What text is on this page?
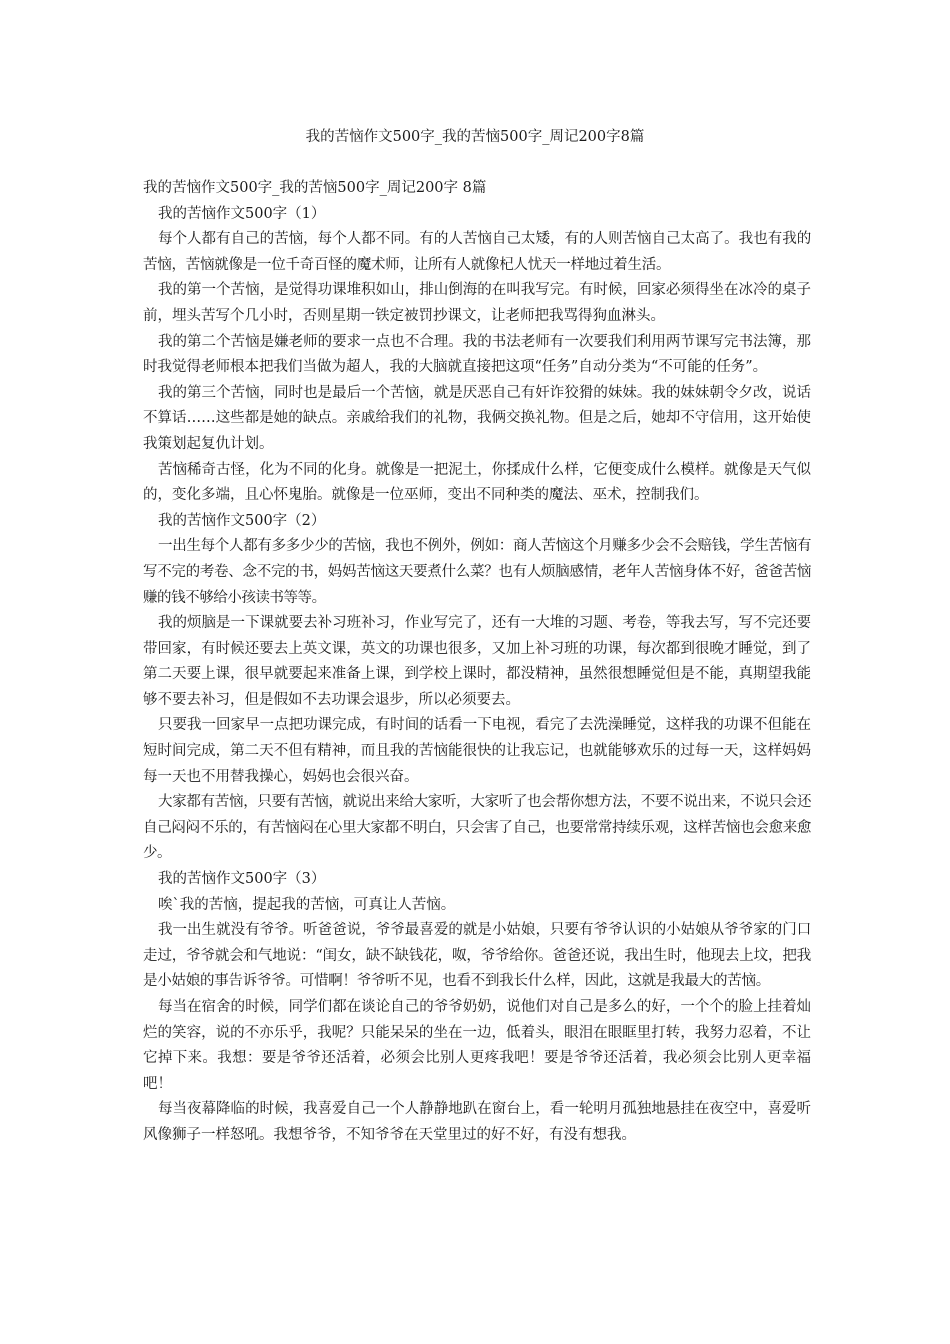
我的苦恼作文500字_我的苦恼500字_周记200字8篇

我的苦恼作文500字_我的苦恼500字_周记200字 8篇

我的苦恼作文500字（1）

每个人都有自己的苦恼，每个人都不同。有的人苦恼自己太矮，有的人则苦恼自己太高了。我也有我的苦恼，苦恼就像是一位千奇百怪的魔术师，让所有人就像杞人忧天一样地过着生活。

我的第一个苦恼，是觉得功课堆积如山，排山倒海的在叫我写完。有时候，回家必须得坐在冰冷的桌子前，埋头苦写个几小时，否则星期一铁定被罚抄课文，让老师把我骂得狗血淋头。

我的第二个苦恼是嫌老师的要求一点也不合理。我的书法老师有一次要我们利用两节课写完书法簿，那时我觉得老师根本把我们当做为超人，我的大脑就直接把这项“任务”自动分类为“不可能的任务”。

我的第三个苦恼，同时也是最后一个苦恼，就是厌恶自己有奸诈狡猾的妹妹。我的妹妹朝令夕改，说话不算话……这些都是她的缺点。亲戚给我们的礼物，我俩交换礼物。但是之后，她却不守信用，这开始使我策划起复仇计划。

苦恼稀奇古怪，化为不同的化身。就像是一把泥土，你揉成什么样，它便变成什么模样。就像是天气似的，变化多端，且心怀鬼胎。就像是一位巫师，变出不同种类的魔法、巫术，控制我们。

我的苦恼作文500字（2）

一出生每个人都有多多少少的苦恼，我也不例外，例如：商人苦恼这个月赚多少会不会赔钱，学生苦恼有写不完的考卷、念不完的书，妈妈苦恼这天要煮什么菜？也有人烦脑感情，老年人苦恼身体不好，爸爸苦恼赚的钱不够给小孩读书等等。

我的烦脑是一下课就要去补习班补习，作业写完了，还有一大堆的习题、考卷，等我去写，写不完还要带回家，有时候还要去上英文课，英文的功课也很多，又加上补习班的功课，每次都到很晚才睡觉，到了第二天要上课，很早就要起来准备上课，到学校上课时，都没精神，虽然很想睡觉但是不能，真期望我能够不要去补习，但是假如不去功课会退步，所以必须要去。

只要我一回家早一点把功课完成，有时间的话看一下电视，看完了去洗澡睡觉，这样我的功课不但能在短时间完成，第二天不但有精神，而且我的苦恼能很快的让我忘记，也就能够欢乐的过每一天，这样妈妈每一天也不用替我操心，妈妈也会很兴奋。

大家都有苦恼，只要有苦恼，就说出来给大家听，大家听了也会帮你想方法，不要不说出来，不说只会还自己闷闷不乐的，有苦恼闷在心里大家都不明白，只会害了自己，也要常常持续乐观，这样苦恼也会愈来愈少。

我的苦恼作文500字（3）

唉`我的苦恼，提起我的苦恼，可真让人苦恼。

我一出生就没有爷爷。听爸爸说，爷爷最喜爱的就是小姑娘，只要有爷爷认识的小姑娘从爷爷家的门口走过，爷爷就会和气地说：“闺女，缺不缺钱花，呶，爷爷给你。爸爸还说，我出生时，他现去上坟，把我是小姑娘的事告诉爷爷。可惜啊！爷爷听不见，也看不到我长什么样，因此，这就是我最大的苦恼。

每当在宿舍的时候，同学们都在谈论自己的爷爷奶奶，说他们对自己是多么的好，一个个的脸上挂着灿烂的笑容，说的不亦乐乎，我呢？只能呆呆的坐在一边，低着头，眼泪在眼眶里打转，我努力忍着，不让它掉下来。我想：要是爷爷还活着，必须会比别人更疼我吧！要是爷爷还活着，我必须会比别人更幸福吧！

每当夜幕降临的时候，我喜爱自己一个人静静地趴在窗台上，看一轮明月孤独地悬挂在夜空中，喜爱听风像狮子一样怒吼。我想爷爷，不知爷爷在天堂里过的好不好，有没有想我。
